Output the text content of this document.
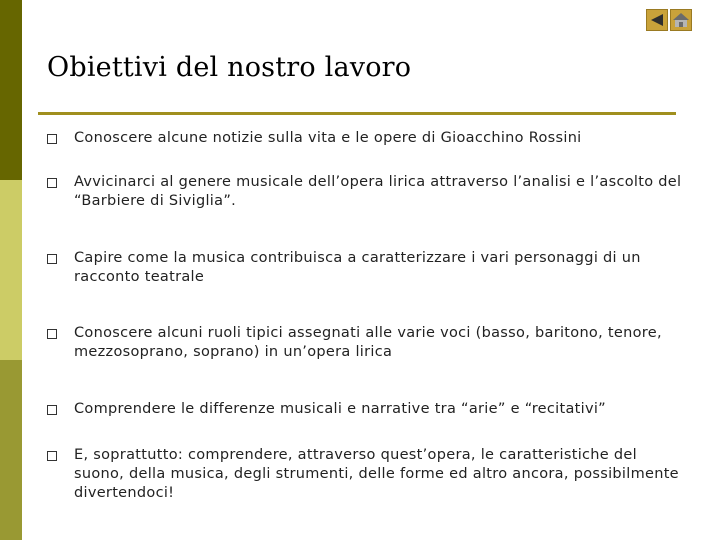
Obiettivi del nostro lavoro
Conoscere alcune notizie sulla vita e le opere di Gioacchino Rossini
Avvicinarci al genere musicale dell’opera lirica attraverso l’analisi e l’ascolto del “Barbiere di Siviglia”.
Capire come la musica contribuisca a caratterizzare i vari personaggi di un racconto teatrale
Conoscere alcuni ruoli tipici assegnati alle varie voci (basso, baritono, tenore, mezzosoprano, soprano) in un’opera lirica
Comprendere le differenze musicali e narrative tra “arie” e “recitativi”
E, soprattutto: comprendere, attraverso quest’opera, le caratteristiche del suono, della musica, degli strumenti, delle forme ed altro ancora, possibilmente divertendoci!
